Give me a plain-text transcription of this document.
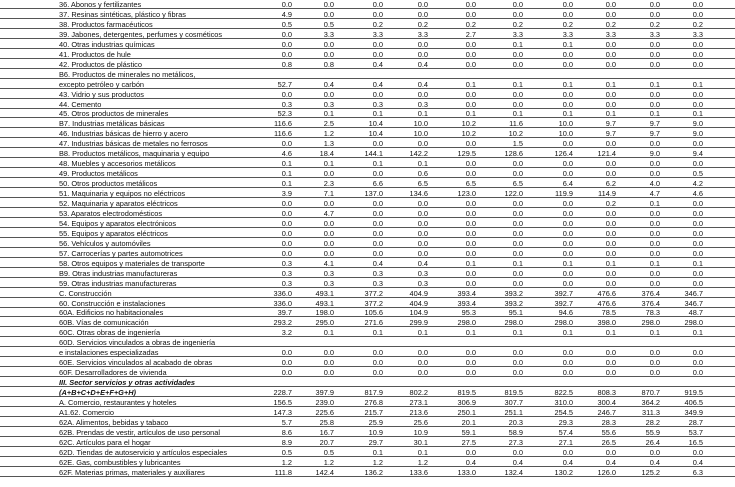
36. Abonos y fertilizantes	0.0	0.0	0.0	0.0	0.0	0.0	0.0	0.0	0.0	0.0
37. Resinas sintéticas, plástico y fibras	4.9	0.0	0.0	0.0	0.0	0.0	0.0	0.0	0.0	0.0
38. Productos farmacéuticos	0.5	0.5	0.2	0.2	0.2	0.2	0.2	0.2	0.2	0.2
39. Jabones, detergentes, perfumes y cosméticos	0.0	3.3	3.3	3.3	2.7	3.3	3.3	3.3	3.3	3.3
40. Otras industrias químicas	0.0	0.0	0.0	0.0	0.0	0.1	0.1	0.0	0.0	0.0
41. Productos de hule	0.0	0.0	0.0	0.0	0.0	0.0	0.0	0.0	0.0	0.0
42. Productos de plástico	0.8	0.8	0.4	0.4	0.0	0.0	0.0	0.0	0.0	0.0
B6. Productos de minerales no metálicos,
excepto petróleo y carbón	52.7	0.4	0.4	0.4	0.1	0.1	0.1	0.1	0.1	0.1
43. Vidrio y sus productos	0.0	0.0	0.0	0.0	0.0	0.0	0.0	0.0	0.0	0.0
44. Cemento	0.3	0.3	0.3	0.3	0.0	0.0	0.0	0.0	0.0	0.0
45. Otros productos de minerales	52.3	0.1	0.1	0.1	0.1	0.1	0.1	0.1	0.1	0.1
B7. Industrias metálicas básicas	116.6	2.5	10.4	10.0	10.2	11.6	10.0	9.7	9.7	9.0
46. Industrias básicas de hierro y acero	116.6	1.2	10.4	10.0	10.2	10.2	10.0	9.7	9.7	9.0
47. Industrias básicas de metales no ferrosos	0.0	1.3	0.0	0.0	0.0	1.5	0.0	0.0	0.0	0.0
B8. Productos metálicos, maquinaria y equipo	4.6	18.4	144.1	142.2	129.5	128.6	126.4	121.4	9.0	9.4
48. Muebles y accesorios metálicos	0.1	0.1	0.1	0.1	0.0	0.0	0.0	0.0	0.0	0.0
49. Productos metálicos	0.1	0.0	0.0	0.6	0.0	0.0	0.0	0.0	0.0	0.5
50. Otros productos metálicos	0.1	2.3	6.6	6.5	6.5	6.5	6.4	6.2	4.0	4.2
51. Maquinaria y equipos no eléctricos	3.9	7.1	137.0	134.6	123.0	122.0	119.9	114.9	4.7	4.6
52. Maquinaria y aparatos eléctricos	0.0	0.0	0.0	0.0	0.0	0.0	0.0	0.2	0.1	0.0
53. Aparatos electrodomésticos	0.0	4.7	0.0	0.0	0.0	0.0	0.0	0.0	0.0	0.0
54. Equipos y aparatos electrónicos	0.0	0.0	0.0	0.0	0.0	0.0	0.0	0.0	0.0	0.0
55. Equipos y aparatos eléctricos	0.0	0.0	0.0	0.0	0.0	0.0	0.0	0.0	0.0	0.0
56. Vehículos y automóviles	0.0	0.0	0.0	0.0	0.0	0.0	0.0	0.0	0.0	0.0
57. Carrocerías y partes automotrices	0.0	0.0	0.0	0.0	0.0	0.0	0.0	0.0	0.0	0.0
58. Otros equipos y materiales de transporte	0.3	4.1	0.4	0.4	0.1	0.1	0.1	0.1	0.1	0.1
B9. Otras industrias manufactureras	0.3	0.3	0.3	0.3	0.0	0.0	0.0	0.0	0.0	0.0
59. Otras industrias manufactureras	0.3	0.3	0.3	0.3	0.0	0.0	0.0	0.0	0.0	0.0
C. Construcción	336.0	493.1	377.2	404.9	393.4	393.2	392.7	476.6	376.4	346.7
60. Construcción e instalaciones	336.0	493.1	377.2	404.9	393.4	393.2	392.7	476.6	376.4	346.7
60A. Edificios no habitacionales	39.7	198.0	105.6	104.9	95.3	95.1	94.6	78.5	78.3	48.7
60B. Vías de comunicación	293.2	295.0	271.6	299.9	298.0	298.0	298.0	398.0	298.0	298.0
60C. Otras obras de ingeniería	3.2	0.1	0.1	0.1	0.1	0.1	0.1	0.1	0.1	0.1
60D. Servicios vinculados a obras de ingeniería
e instalaciones especializadas	0.0	0.0	0.0	0.0	0.0	0.0	0.0	0.0	0.0	0.0
60E. Servicios vinculados al acabado de obras	0.0	0.0	0.0	0.0	0.0	0.0	0.0	0.0	0.0	0.0
60F. Desarrolladores de vivienda	0.0	0.0	0.0	0.0	0.0	0.0	0.0	0.0	0.0	0.0
III. Sector servicios y otras actividades
(A+B+C+D+E+F+G+H)	228.7	397.9	817.9	802.2	819.5	819.5	822.5	808.3	870.7	919.5
A. Comercio, restaurantes y hoteles	156.5	239.0	276.8	273.1	306.9	307.7	310.0	300.4	364.2	406.5
A1.62. Comercio	147.3	225.6	215.7	213.6	250.1	251.1	254.5	246.7	311.3	349.9
62A. Alimentos, bebidas y tabaco	5.7	25.8	25.9	25.6	20.1	20.3	29.3	28.3	28.2	28.7
62B. Prendas de vestir, artículos de uso personal	8.6	16.7	10.9	10.9	59.1	58.9	57.4	55.6	55.9	53.7
62C. Artículos para el hogar	8.9	20.7	29.7	30.1	27.5	27.3	27.1	26.5	26.4	16.5
62D. Tiendas de autoservicio y artículos especiales	0.5	0.5	0.1	0.1	0.0	0.0	0.0	0.0	0.0	0.0
62E. Gas, combustibles y lubricantes	1.2	1.2	1.2	1.2	0.4	0.4	0.4	0.4	0.4	0.4
62F. Materias primas, materiales y auxiliares	111.8	142.4	136.2	133.6	133.0	132.4	130.2	126.0	125.2	6.3
